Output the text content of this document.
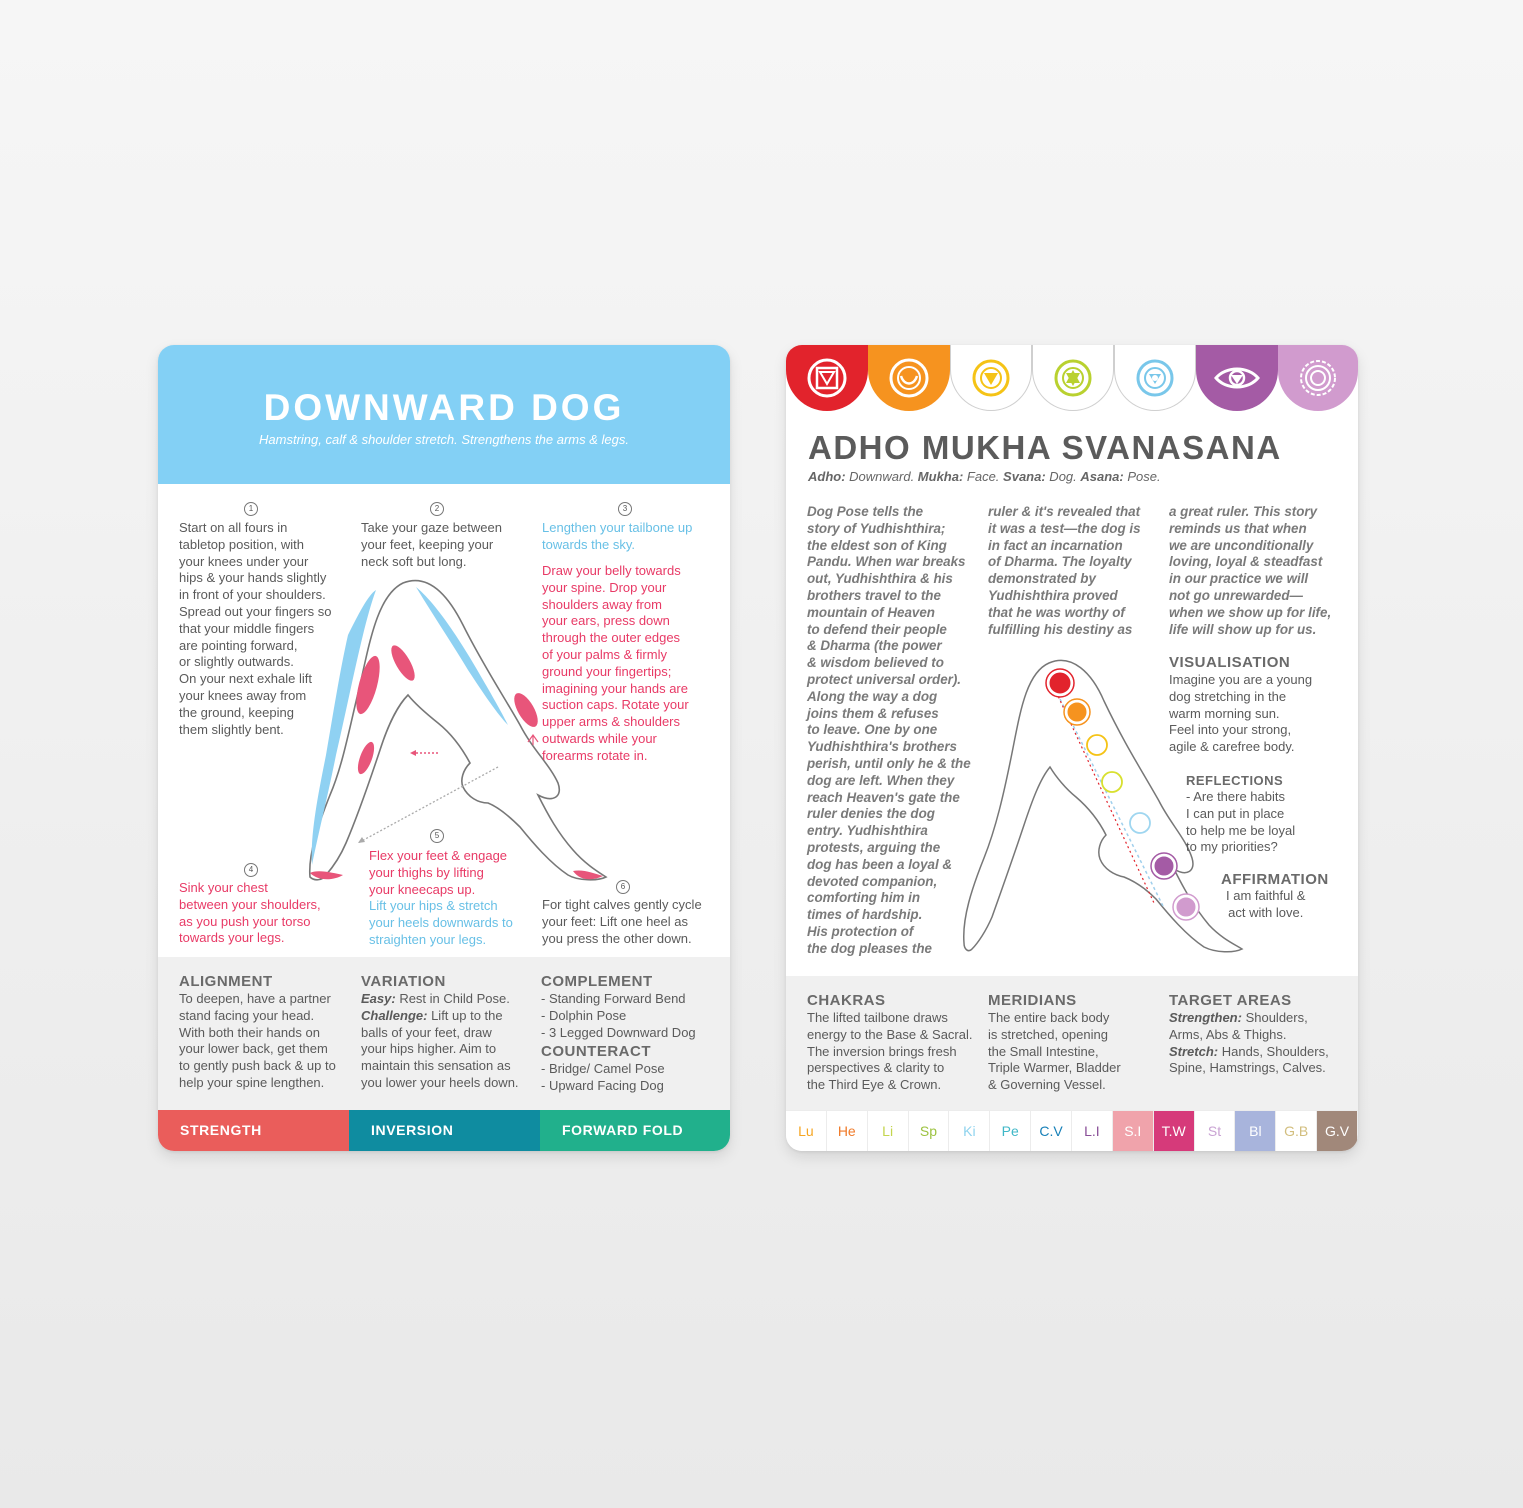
DOWNWARD DOG

Hamstring, calf & shoulder stretch. Strengthens the arms & legs.

1	2	3
4
5
6

Start on all fours in
tabletop position, with
your knees under your
hips & your hands slightly
in front of your shoulders.
Spread out your fingers so
that your middle fingers
are pointing forward,
or slightly outwards.
On your next exhale lift
your knees away from
the ground, keeping
them slightly bent.

Take your gaze between
your feet, keeping your
neck soft but long.

Lengthen your tailbone up
towards the sky.

Draw your belly towards
your spine. Drop your
shoulders away from
your ears, press down
through the outer edges
of your palms & firmly
ground your fingertips;
imagining your hands are
suction caps. Rotate your
upper arms & shoulders
outwards while your
forearms rotate in.

Sink your chest
between your shoulders,
as you push your torso
towards your legs.

Flex your feet & engage
your thighs by lifting
your kneecaps up.

Lift your hips & stretch
your heels downwards to
straighten your legs.

For tight calves gently cycle
your feet: Lift one heel as
you press the other down.

ALIGNMENT

To deepen, have a partner
stand facing your head.
With both their hands on
your lower back, get them
to gently push back & up to
help your spine lengthen.

VARIATION

Easy: Rest in Child Pose.
Challenge: Lift up to the
balls of your feet, draw
your hips higher. Aim to
maintain this sensation as
you lower your heels down.

COMPLEMENT

- Standing Forward Bend
- Dolphin Pose
- 3 Legged Downward Dog

COUNTERACT

- Bridge/ Camel Pose
- Upward Facing Dog

STRENGTH	INVERSION	FORWARD FOLD
ADHO MUKHA SVANASANA

Adho: Downward. Mukha: Face. Svana: Dog. Asana: Pose.

Dog Pose tells the
story of Yudhishthira;
the eldest son of King
Pandu. When war breaks
out, Yudhishthira & his
brothers travel to the
mountain of Heaven
to defend their people
& Dharma (the power
& wisdom believed to
protect universal order).
Along the way a dog
joins them & refuses
to leave. One by one
Yudhishthira's brothers
perish, until only he & the
dog are left. When they
reach Heaven's gate the
ruler denies the dog
entry. Yudhishthira
protests, arguing the
dog has been a loyal &
devoted companion,
comforting him in
times of hardship.
His protection of
the dog pleases the

ruler & it's revealed that
it was a test—the dog is
in fact an incarnation
of Dharma. The loyalty
demonstrated by
Yudhishthira proved
that he was worthy of
fulfilling his destiny as

a great ruler. This story
reminds us that when
we are unconditionally
loving, loyal & steadfast
in our practice we will
not go unrewarded—
when we show up for life,
life will show up for us.

VISUALISATION

Imagine you are a young
dog stretching in the
warm morning sun.
Feel into your strong,
agile & carefree body.

REFLECTIONS

- Are there habits
I can put in place
to help me be loyal
to my priorities?

AFFIRMATION

I am faithful &
act with love.

CHAKRAS

The lifted tailbone draws
energy to the Base & Sacral.
The inversion brings fresh
perspectives & clarity to
the Third Eye & Crown.

MERIDIANS

The entire back body
is stretched, opening
the Small Intestine,
Triple Warmer, Bladder
& Governing Vessel.

TARGET AREAS

Strengthen: Shoulders,
Arms, Abs & Thighs.
Stretch: Hands, Shoulders,
Spine, Hamstrings, Calves.

Lu	He	Li	Sp	Ki	Pe	C.V	L.I	S.I	T.W	St	Bl	G.B	G.V
